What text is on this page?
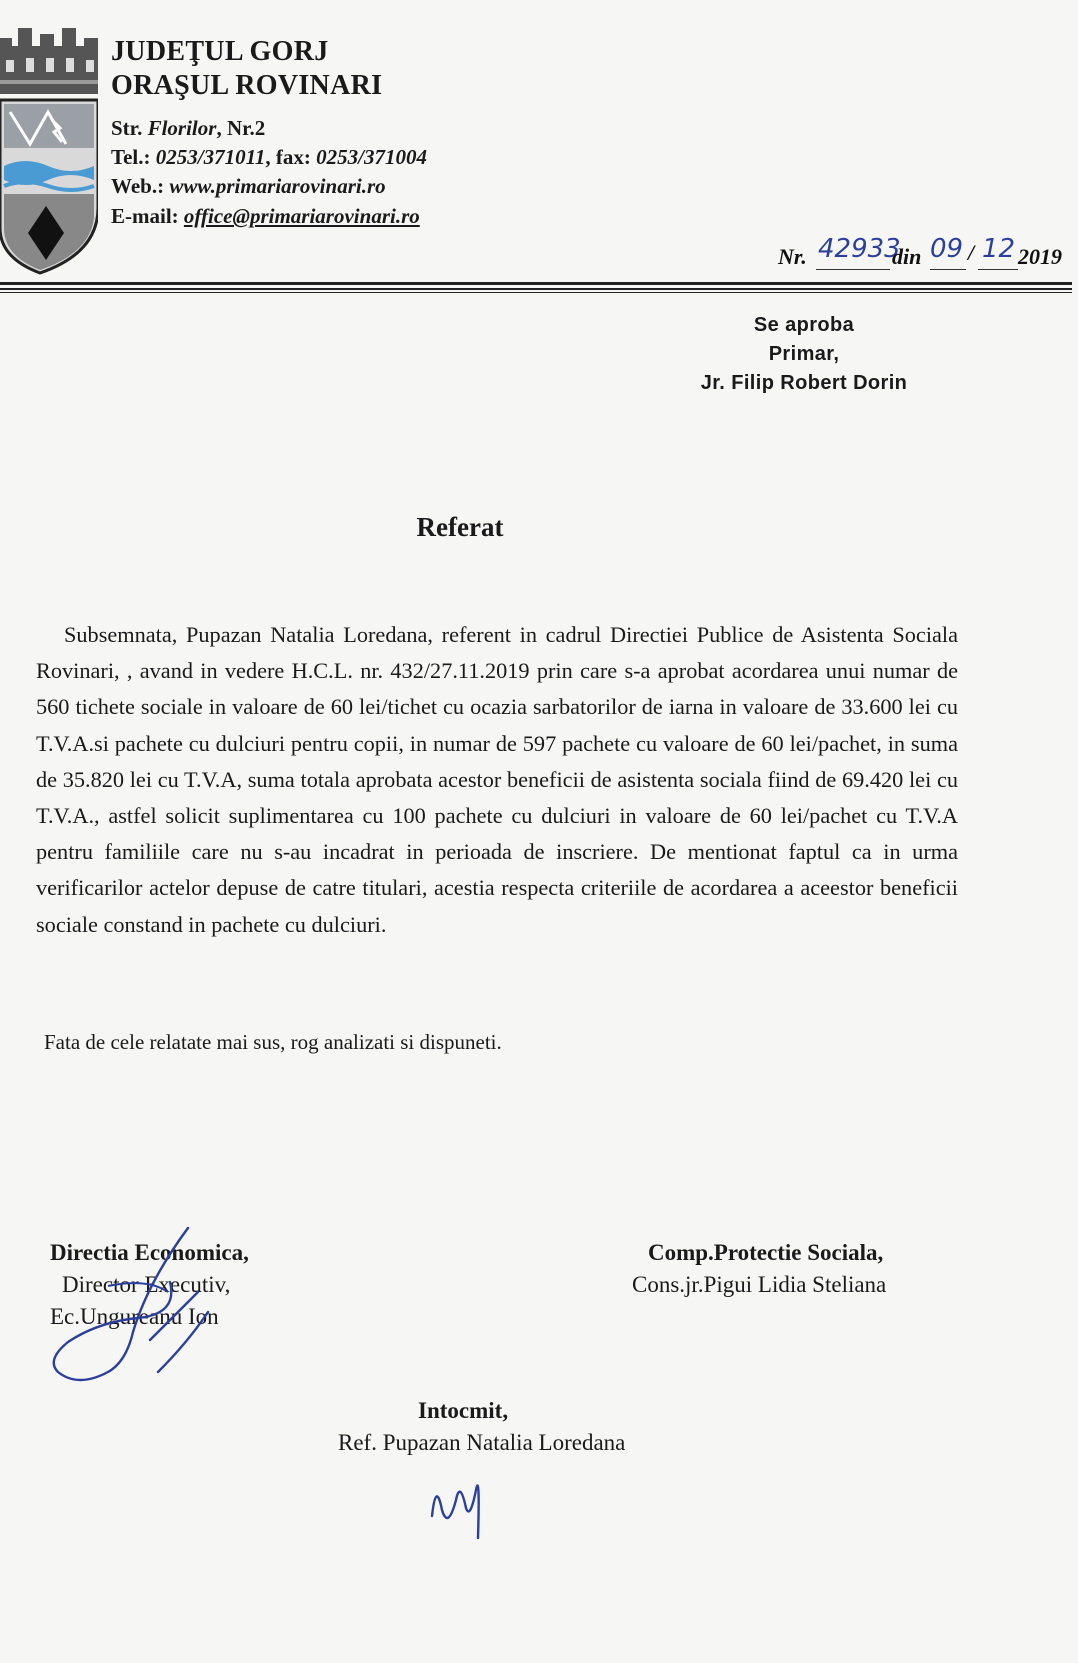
JUDEŢUL GORJ
ORAŞUL ROVINARI
Str. Florilor, Nr.2
Tel.: 0253/371011, fax: 0253/371004
Web.: www.primariarovinari.ro
E-mail: office@primariarovinari.ro
Nr. 42933
din 09 / 12 2019
Se aproba
Primar,
Jr. Filip Robert Dorin
Referat

Subsemnata, Pupazan Natalia Loredana, referent in cadrul Directiei Publice de Asistenta Sociala Rovinari, , avand in vedere H.C.L. nr. 432/27.11.2019 prin care s-a aprobat acordarea unui numar de 560 tichete sociale in valoare de 60 lei/tichet cu ocazia sarbatorilor de iarna in valoare de 33.600 lei cu T.V.A.si pachete cu dulciuri pentru copii, in numar de 597 pachete cu valoare de 60 lei/pachet, in suma de 35.820 lei cu T.V.A, suma totala aprobata acestor beneficii de asistenta sociala fiind de 69.420 lei cu T.V.A., astfel solicit suplimentarea cu 100 pachete cu dulciuri in valoare de 60 lei/pachet cu T.V.A pentru familiile care nu s-au incadrat in perioada de inscriere. De mentionat faptul ca in urma verificarilor actelor depuse de catre titulari, acestia respecta criteriile de acordarea a aceestor beneficii sociale constand in pachete cu dulciuri.

Fata de cele relatate mai sus, rog analizati si dispuneti.
Directia Economica,
Director Executiv,
Ec.Ungureanu Ion
Comp.Protectie Sociala,
Cons.jr.Pigui Lidia Steliana
Intocmit,
Ref. Pupazan Natalia Loredana
